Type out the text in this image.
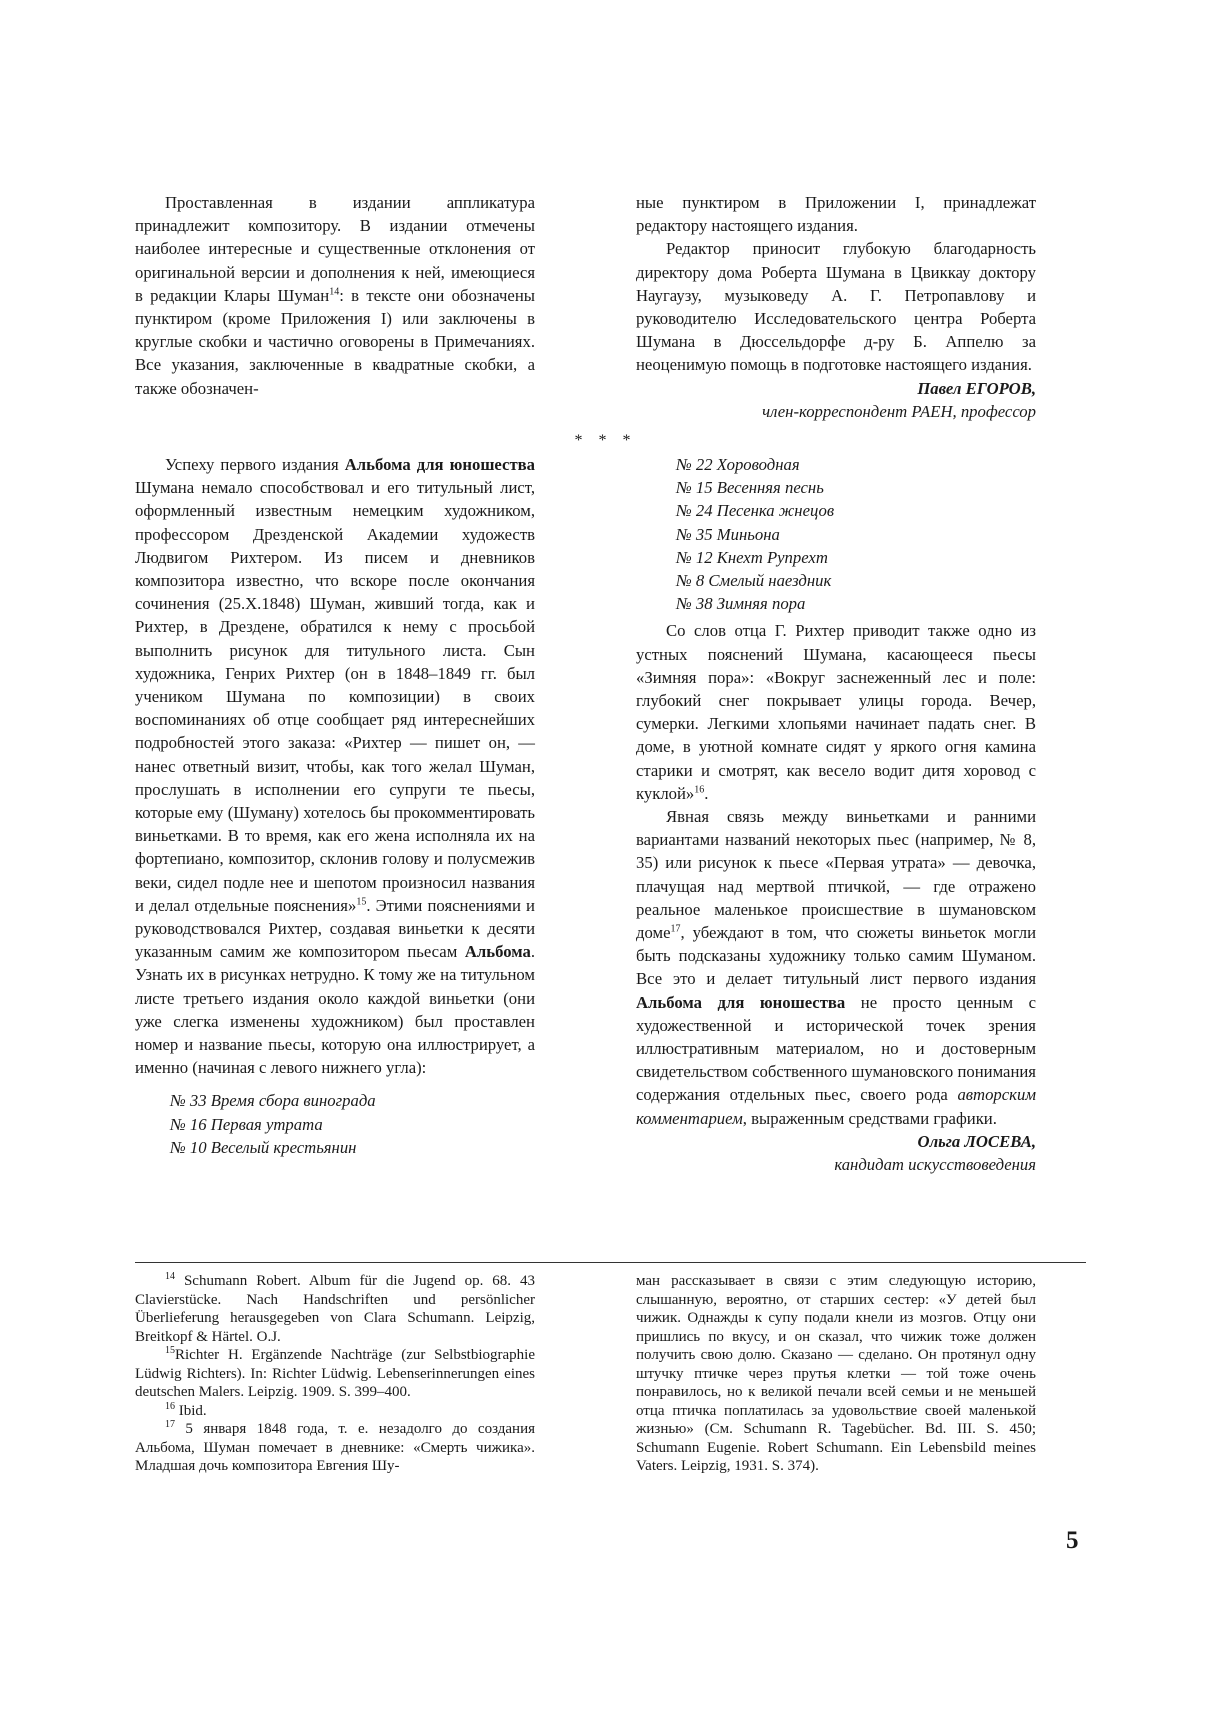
Проставленная в издании аппликатура принадлежит композитору. В издании отмечены наиболее интересные и существенные отклонения от оригинальной версии и дополнения к ней, имеющиеся в редакции Клары Шуман$^{14}$: в тексте они обозначены пунктиром (кроме Приложения I) или заключены в круглые скобки и частично оговорены в Примечаниях. Все указания, заключенные в квадратные скобки, а также обозначен-

ные пунктиром в Приложении I, принадлежат редактору настоящего издания.

Редактор приносит глубокую благодарность директору дома Роберта Шумана в Цвиккау доктору Наугаузу, музыковеду А. Г. Петропавлову и руководителю Исследовательского центра Роберта Шумана в Дюссельдорфе д-ру Б. Аппелю за неоценимую помощь в подготовке настоящего издания.

Павел ЕГОРОВ,

член-корреспондент РАЕН, профессор

* * *

Успеху первого издания Альбома для юношества Шумана немало способствовал и его титульный лист, оформленный известным немецким художником, профессором Дрезденской Академии художеств Людвигом Рихтером. Из писем и дневников композитора известно, что вскоре после окончания сочинения (25.X.1848) Шуман, живший тогда, как и Рихтер, в Дрездене, обратился к нему с просьбой выполнить рисунок для титульного листа. Сын художника, Генрих Рихтер (он в 1848–1849 гг. был учеником Шумана по композиции) в своих воспоминаниях об отце сообщает ряд интереснейших подробностей этого заказа: «Рихтер — пишет он, — нанес ответный визит, чтобы, как того желал Шуман, прослушать в исполнении его супруги те пьесы, которые ему (Шуману) хотелось бы прокомментировать виньетками. В то время, как его жена исполняла их на фортепиано, композитор, склонив голову и полусмежив веки, сидел подле нее и шепотом произносил названия и делал отдельные пояснения»$^{15}$. Этими пояснениями и руководствовался Рихтер, создавая виньетки к десяти указанным самим же композитором пьесам Альбома. Узнать их в рисунках нетрудно. К тому же на титульном листе третьего издания около каждой виньетки (они уже слегка изменены художником) был проставлен номер и название пьесы, которую она иллюстрирует, а именно (начиная с левого нижнего угла):

№ 33 Время сбора винограда
№ 16 Первая утрата
№ 10 Веселый крестьянин
№ 22 Хороводная
№ 15 Весенняя песнь
№ 24 Песенка жнецов
№ 35 Миньона
№ 12 Кнехт Рупрехт
№ 8 Смелый наездник
№ 38 Зимняя пора

Со слов отца Г. Рихтер приводит также одно из устных пояснений Шумана, касающееся пьесы «Зимняя пора»: «Вокруг заснеженный лес и поле: глубокий снег покрывает улицы города. Вечер, сумерки. Легкими хлопьями начинает падать снег. В доме, в уютной комнате сидят у яркого огня камина старики и смотрят, как весело водит дитя хоровод с куклой»$^{16}$.

Явная связь между виньетками и ранними вариантами названий некоторых пьес (например, № 8, 35) или рисунок к пьесе «Первая утрата» — девочка, плачущая над мертвой птичкой, — где отражено реальное маленькое происшествие в шумановском доме$^{17}$, убеждают в том, что сюжеты виньеток могли быть подсказаны художнику только самим Шуманом. Все это и делает титульный лист первого издания Альбома для юношества не просто ценным с художественной и исторической точек зрения иллюстративным материалом, но и достоверным свидетельством собственного шумановского понимания содержания отдельных пьес, своего рода авторским комментарием, выраженным средствами графики.

Ольга ЛОСЕВА,

кандидат искусствоведения

$^{14}$ Schumann Robert. Album für die Jugend op. 68. 43 Clavierstücke. Nach Handschriften und persönlicher Überlieferung herausgegeben von Clara Schumann. Leipzig, Breitkopf & Härtel. O.J.

$^{15}$Richter H. Ergänzende Nachträge (zur Selbstbiographie Lüdwig Richters). In: Richter Lüdwig. Lebenserinnerungen eines deutschen Malers. Leipzig. 1909. S. 399–400.

$^{16}$ Ibid.

$^{17}$ 5 января 1848 года, т. е. незадолго до создания Альбома, Шуман помечает в дневнике: «Смерть чижика». Младшая дочь композитора Евгения Шу-

ман рассказывает в связи с этим следующую историю, слышанную, вероятно, от старших сестер: «У детей был чижик. Однажды к супу подали кнели из мозгов. Отцу они пришлись по вкусу, и он сказал, что чижик тоже должен получить свою долю. Сказано — сделано. Он протянул одну штучку птичке через прутья клетки — той тоже очень понравилось, но к великой печали всей семьи и не меньшей отца птичка поплатилась за удовольствие своей маленькой жизнью» (См. Schumann R. Tagebücher. Bd. III. S. 450; Schumann Eugenie. Robert Schumann. Ein Lebensbild meines Vaters. Leipzig, 1931. S. 374).

5
